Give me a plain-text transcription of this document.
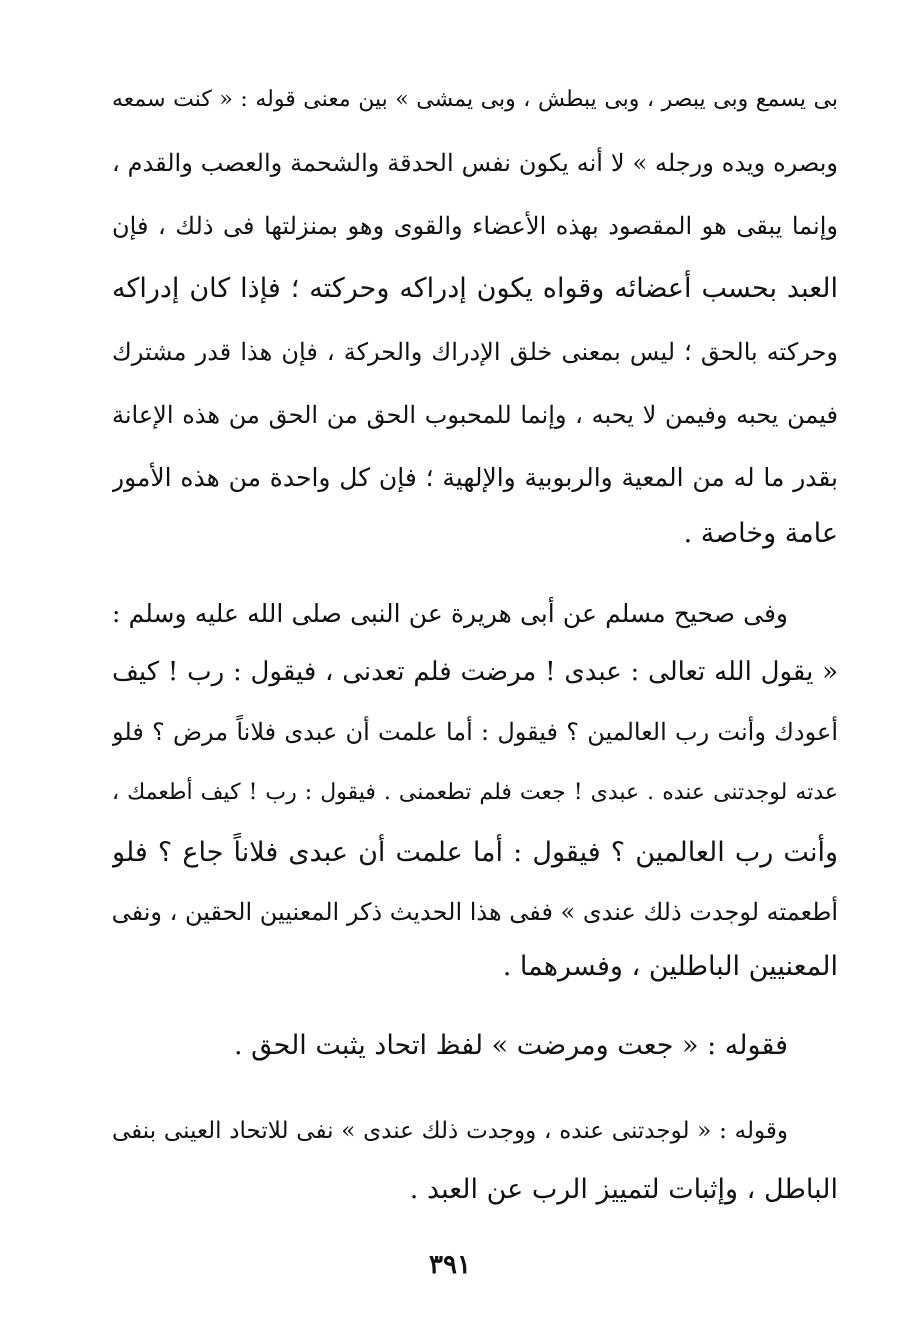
بى يسمع وبى يبصر ، وبى يبطش ، وبى يمشى » بين معنى قوله : « كنت سمعه
وبصره ويده ورجله » لا أنه يكون نفس الحدقة والشحمة والعصب والقدم ،
وإنما يبقى هو المقصود بهذه الأعضاء والقوى وهو بمنزلتها فى ذلك ، فإن
العبد بحسب أعضائه وقواه يكون إدراكه وحركته ؛ فإذا كان إدراكه
وحركته بالحق ؛ ليس بمعنى خلق الإدراك والحركة ، فإن هذا قدر مشترك
فيمن يحبه وفيمن لا يحبه ، وإنما للمحبوب الحق من الحق من هذه الإعانة
بقدر ما له من المعية والربوبية والإلهية ؛ فإن كل واحدة من هذه الأمور
عامة وخاصة .
وفى صحيح مسلم عن أبى هريرة عن النبى صلى الله عليه وسلم :
« يقول الله تعالى : عبدى ! مرضت فلم تعدنى ، فيقول : رب ! كيف
أعودك وأنت رب العالمين ؟ فيقول : أما علمت أن عبدى فلاناً مرض ؟ فلو
عدته لوجدتنى عنده . عبدى ! جعت فلم تطعمنى . فيقول : رب ! كيف أطعمك ،
وأنت رب العالمين ؟ فيقول : أما علمت أن عبدى فلاناً جاع ؟ فلو
أطعمته لوجدت ذلك عندى » ففى هذا الحديث ذكر المعنيين الحقين ، ونفى
المعنيين الباطلين ، وفسرهما .
فقوله : « جعت ومرضت » لفظ اتحاد يثبت الحق .
وقوله : « لوجدتنى عنده ، ووجدت ذلك عندى » نفى للاتحاد العينى بنفى
الباطل ، وإثبات لتمييز الرب عن العبد .
٣٩١
